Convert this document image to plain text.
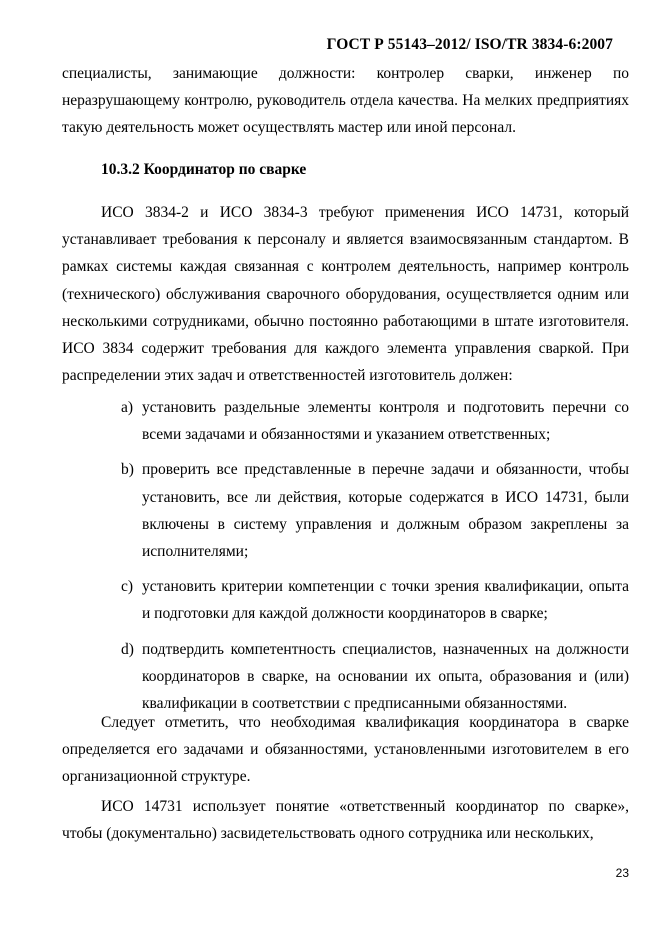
ГОСТ Р 55143–2012/ ISO/TR 3834-6:2007
специалисты, занимающие должности: контролер сварки, инженер по неразрушающему контролю, руководитель отдела качества. На мелких предприятиях такую деятельность может осуществлять мастер или иной персонал.
10.3.2 Координатор по сварке
ИСО 3834-2 и ИСО 3834-3 требуют применения ИСО 14731, который устанавливает требования к персоналу и является взаимосвязанным стандартом. В рамках системы каждая связанная с контролем деятельность, например контроль (технического) обслуживания сварочного оборудования, осуществляется одним или несколькими сотрудниками, обычно постоянно работающими в штате изготовителя. ИСО 3834 содержит требования для каждого элемента управления сваркой. При распределении этих задач и ответственностей изготовитель должен:
a) установить раздельные элементы контроля и подготовить перечни со всеми задачами и обязанностями и указанием ответственных;
b) проверить все представленные в перечне задачи и обязанности, чтобы установить, все ли действия, которые содержатся в ИСО 14731, были включены в систему управления и должным образом закреплены за исполнителями;
c) установить критерии компетенции с точки зрения квалификации, опыта и подготовки для каждой должности координаторов в сварке;
d) подтвердить компетентность специалистов, назначенных на должности координаторов в сварке, на основании их опыта, образования и (или) квалификации в соответствии с предписанными обязанностями.
Следует отметить, что необходимая квалификация координатора в сварке определяется его задачами и обязанностями, установленными изготовителем в его организационной структуре.
ИСО 14731 использует понятие «ответственный координатор по сварке», чтобы (документально) засвидетельствовать одного сотрудника или нескольких,
23
